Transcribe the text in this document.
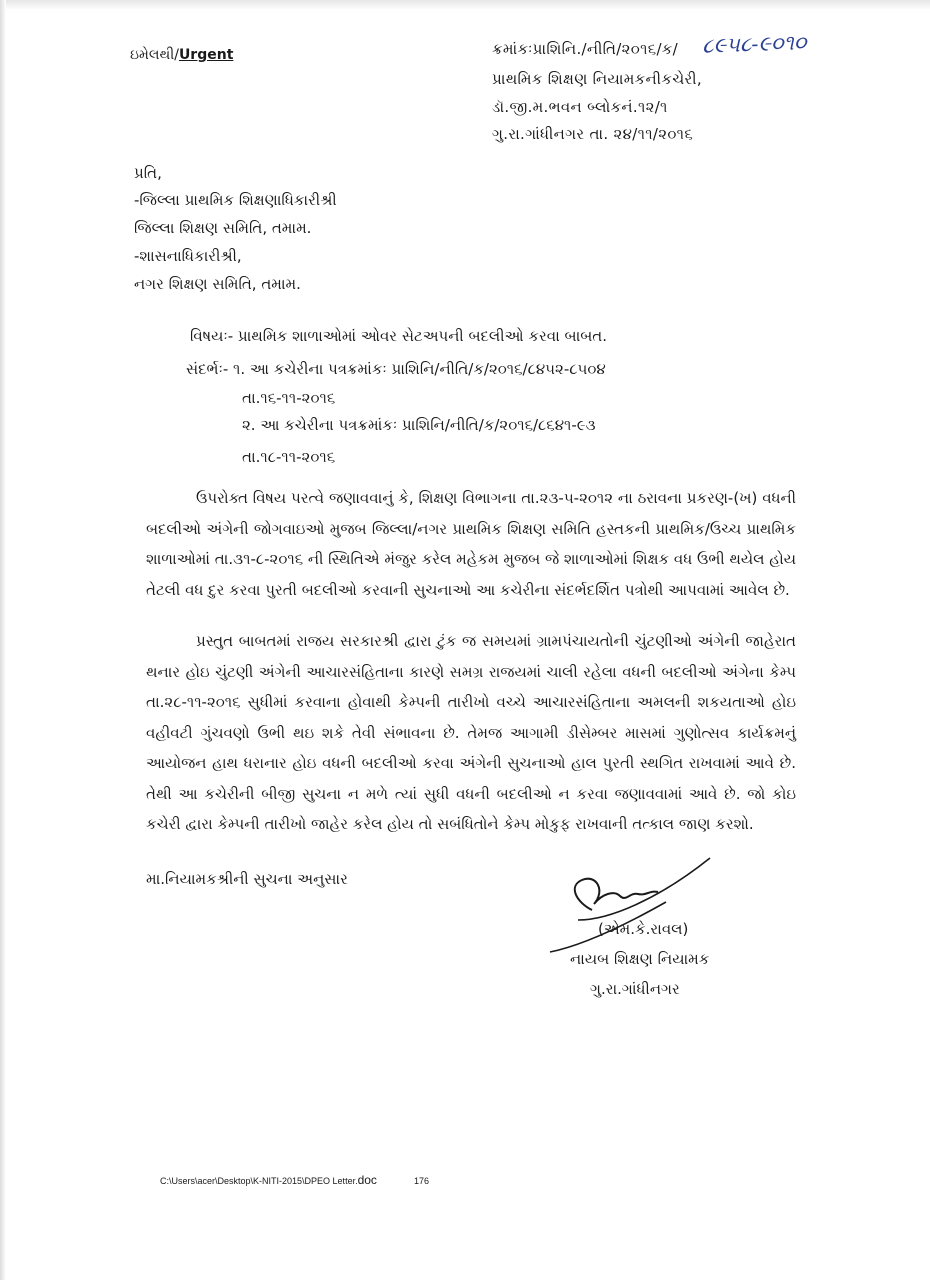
ઇમેલથી/Urgent	ક્રમાંકઃપ્રાશિનિ./નીતિ/૨૦૧૬/ક/ ૮૯૫૮-૯૦૧૦
પ્રાથમિક શિક્ષણ નિયામકનીકચેરી,
ડૉ.જી.મ.ભવન બ્લોકનં.૧૨/૧
ગુ.રા.ગાંધીનગર તા. ૨૪/૧૧/૨૦૧૬
પ્રતિ,
-જિલ્લા પ્રાથમિક શિક્ષણાધિકારીશ્રી
જિલ્લા શિક્ષણ સમિતિ, તમામ.
-શાસનાધિકારીશ્રી,
નગર શિક્ષણ સમિતિ, તમામ.
વિષયઃ- પ્રાથમિક શાળાઓમાં ઓવર સેટઅપની બદલીઓ કરવા બાબત.
સંદર્ભઃ- ૧. આ કચેરીના પત્રક્રમાંકઃ પ્રાશિનિ/નીતિ/ક/૨૦૧૬/૮૪૫૨-૮૫૦૪
તા.૧૬-૧૧-૨૦૧૬
૨. આ કચેરીના પત્રક્રમાંકઃ પ્રાશિનિ/નીતિ/ક/૨૦૧૬/૮૬૪૧-૯૩
તા.૧૮-૧૧-૨૦૧૬

ઉપરોક્ત વિષય પરત્વે જણાવવાનું કે, શિક્ષણ વિભાગના તા.૨૩-૫-૨૦૧૨ ના ઠરાવના પ્રકરણ-(ખ) વધની બદલીઓ અંગેની જોગવાઇઓ મુજબ જિલ્લા/નગર પ્રાથમિક શિક્ષણ સમિતિ હસ્તકની પ્રાથમિક/ઉચ્ચ પ્રાથમિક શાળાઓમાં તા.૩૧-૮-૨૦૧૬ ની સ્થિતિએ મંજુર કરેલ મહેકમ મુજબ જે શાળાઓમાં શિક્ષક વધ ઉભી થયેલ હોય તેટલી વધ દુર કરવા પુરતી બદલીઓ કરવાની સુચનાઓ આ કચેરીના સંદર્ભદર્શિત પત્રોથી આપવામાં આવેલ છે.

પ્રસ્તુત બાબતમાં રાજય સરકારશ્રી દ્વારા ટુંક જ સમયમાં ગ્રામપંચાયતોની ચુંટણીઓ અંગેની જાહેરાત થનાર હોઇ ચુંટણી અંગેની આચારસંહિતાના કારણે સમગ્ર રાજયમાં ચાલી રહેલા વધની બદલીઓ અંગેના કેમ્પ તા.૨૮-૧૧-૨૦૧૬ સુધીમાં કરવાના હોવાથી કેમ્પની તારીખો વચ્ચે આચારસંહિતાના અમલની શકયતાઓ હોઇ વહીવટી ગુંચવણો ઉભી થઇ શકે તેવી સંભાવના છે. તેમજ આગામી ડીસેમ્બર માસમાં ગુણોત્સવ કાર્યક્રમનું આયોજન હાથ ધરાનાર હોઇ વધની બદલીઓ કરવા અંગેની સુચનાઓ હાલ પુરતી સ્થગિત રાખવામાં આવે છે. તેથી આ કચેરીની બીજી સુચના ન મળે ત્યાં સુધી વધની બદલીઓ ન કરવા જણાવવામાં આવે છે. જો કોઇ કચેરી દ્વારા કેમ્પની તારીખો જાહેર કરેલ હોય તો સબંધિતોને કેમ્પ મોકુફ રાખવાની તત્કાલ જાણ કરશો.

મા.નિયામકશ્રીની સુચના અનુસાર
(એમ.કે.રાવલ)
નાયબ શિક્ષણ નિયામક
ગુ.રા.ગાંધીનગર
C:\Users\acer\Desktop\K-NITI-2015\DPEO Letter.doc	176
